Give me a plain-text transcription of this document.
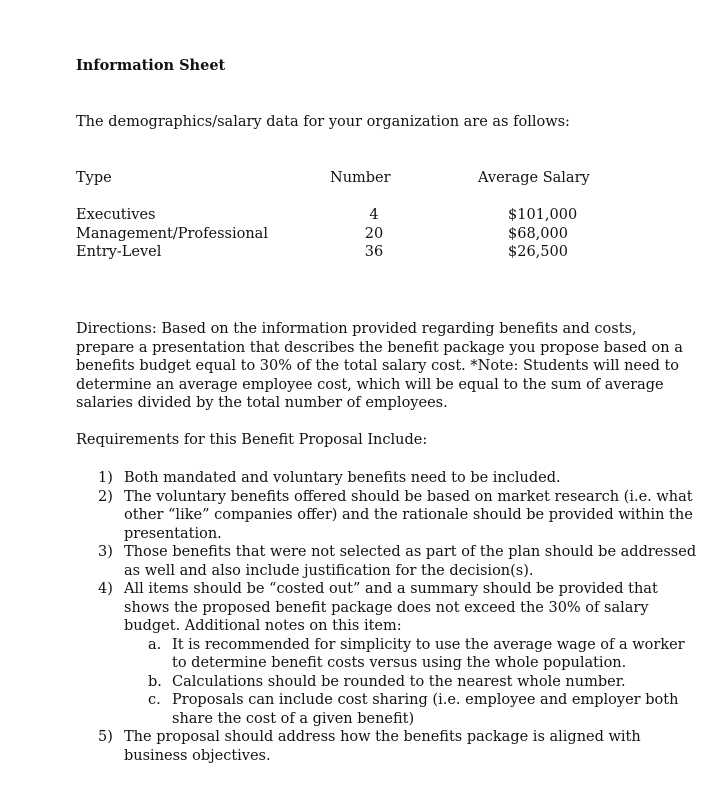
Information Sheet
The demographics/salary data for your organization are as follows:
Type	Number	Average Salary
Executives
Management/Professional
Entry-Level
4
20
36
$101,000
$68,000
$26,500
Directions: Based on the information provided regarding benefits and costs,
prepare a presentation that describes the benefit package you propose based on a
benefits budget equal to 30% of the total salary cost. *Note: Students will need to
determine an average employee cost, which will be equal to the sum of average
salaries divided by the total number of employees.
Requirements for this Benefit Proposal Include:
1) Both mandated and voluntary benefits need to be included.
2) The voluntary benefits offered should be based on market research (i.e. what
other “like” companies offer) and the rationale should be provided within the
presentation.
3) Those benefits that were not selected as part of the plan should be addressed
as well and also include justification for the decision(s).
4) All items should be “costed out” and a summary should be provided that
shows the proposed benefit package does not exceed the 30% of salary
budget. Additional notes on this item:
a. It is recommended for simplicity to use the average wage of a worker
to determine benefit costs versus using the whole population.
b. Calculations should be rounded to the nearest whole number.
c. Proposals can include cost sharing (i.e. employee and employer both
share the cost of a given benefit)
5) The proposal should address how the benefits package is aligned with
business objectives.
